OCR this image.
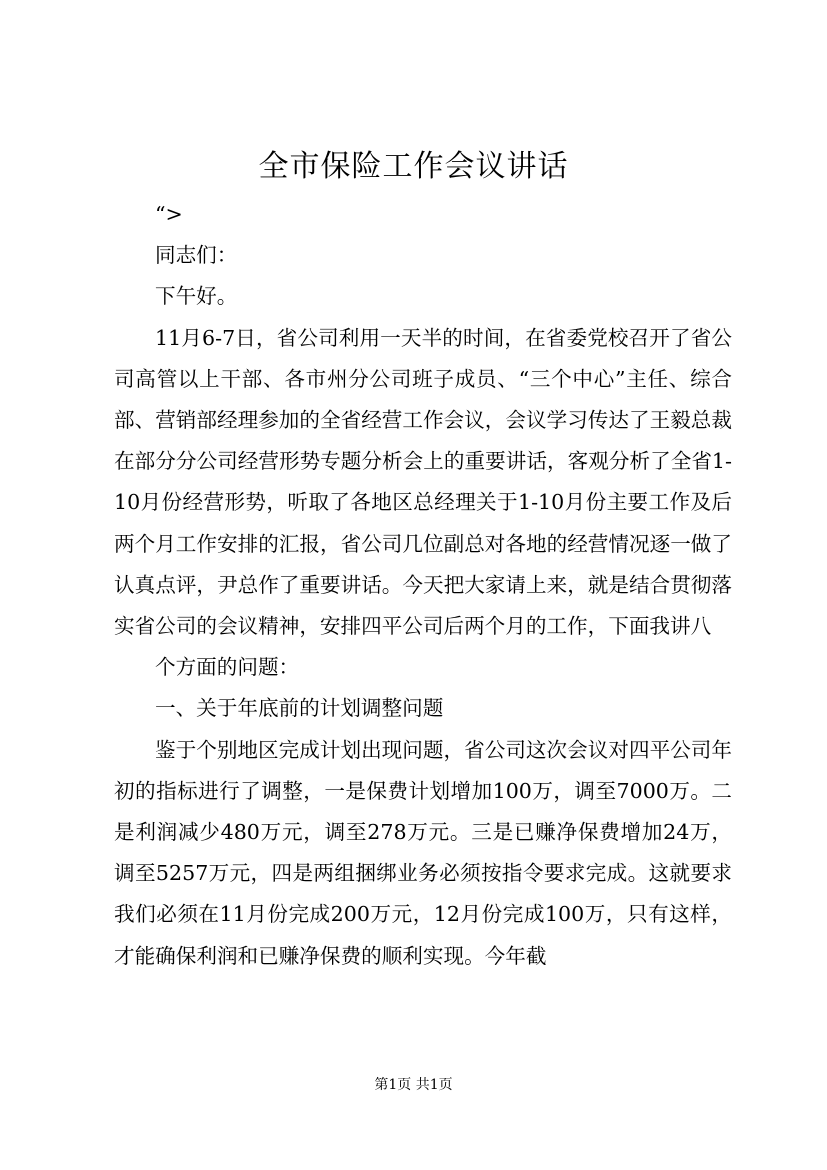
全市保险工作会议讲话

“>

同志们：

下午好。

11月6-7日，省公司利用一天半的时间，在省委党校召开了省公司高管以上干部、各市州分公司班子成员、“三个中心”主任、综合部、营销部经理参加的全省经营工作会议，会议学习传达了王毅总裁在部分分公司经营形势专题分析会上的重要讲话，客观分析了全省1-10月份经营形势，听取了各地区总经理关于1-10月份主要工作及后两个月工作安排的汇报，省公司几位副总对各地的经营情况逐一做了认真点评，尹总作了重要讲话。今天把大家请上来，就是结合贯彻落实省公司的会议精神，安排四平公司后两个月的工作，下面我讲八

个方面的问题：

一、关于年底前的计划调整问题

鉴于个别地区完成计划出现问题，省公司这次会议对四平公司年初的指标进行了调整，一是保费计划增加100万，调至7000万。二是利润减少480万元，调至278万元。三是已赚净保费增加24万，调至5257万元，四是两组捆绑业务必须按指令要求完成。这就要求我们必须在11月份完成200万元，12月份完成100万，只有这样，才能确保利润和已赚净保费的顺利实现。今年截

第1页 共1页
